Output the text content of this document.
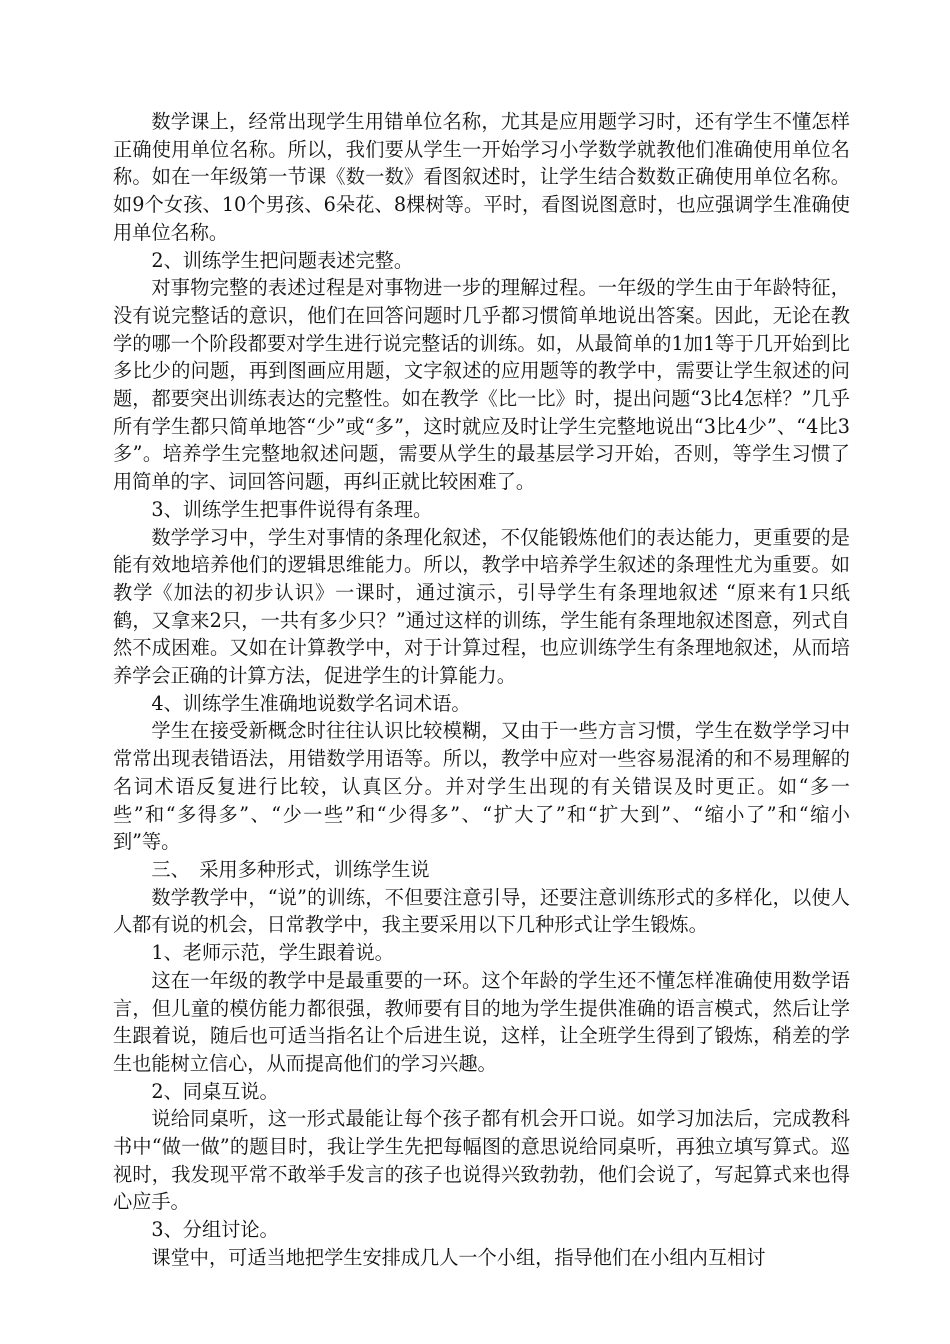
数学课上，经常出现学生用错单位名称，尤其是应用题学习时，还有学生不懂怎样正确使用单位名称。所以，我们要从学生一开始学习小学数学就教他们准确使用单位名称。如在一年级第一节课《数一数》看图叙述时，让学生结合数数正确使用单位名称。如9个女孩、10个男孩、6朵花、8棵树等。平时，看图说图意时，也应强调学生准确使用单位名称。

2、训练学生把问题表述完整。

对事物完整的表述过程是对事物进一步的理解过程。一年级的学生由于年龄特征，没有说完整话的意识，他们在回答问题时几乎都习惯简单地说出答案。因此，无论在教学的哪一个阶段都要对学生进行说完整话的训练。如，从最简单的1加1等于几开始到比多比少的问题，再到图画应用题，文字叙述的应用题等的教学中，需要让学生叙述的问题，都要突出训练表达的完整性。如在教学《比一比》时，提出问题“3比4怎样？”几乎所有学生都只简单地答“少”或“多”，这时就应及时让学生完整地说出“3比4少”、“4比3多”。培养学生完整地叙述问题，需要从学生的最基层学习开始，否则，等学生习惯了用简单的字、词回答问题，再纠正就比较困难了。

3、训练学生把事件说得有条理。

数学学习中，学生对事情的条理化叙述，不仅能锻炼他们的表达能力，更重要的是能有效地培养他们的逻辑思维能力。所以，教学中培养学生叙述的条理性尤为重要。如教学《加法的初步认识》一课时，通过演示，引导学生有条理地叙述 “原来有1只纸鹤，又拿来2只，一共有多少只？”通过这样的训练，学生能有条理地叙述图意，列式自然不成困难。又如在计算教学中，对于计算过程，也应训练学生有条理地叙述，从而培养学会正确的计算方法，促进学生的计算能力。

4、训练学生准确地说数学名词术语。

学生在接受新概念时往往认识比较模糊，又由于一些方言习惯，学生在数学学习中常常出现表错语法，用错数学用语等。所以，教学中应对一些容易混淆的和不易理解的名词术语反复进行比较，认真区分。并对学生出现的有关错误及时更正。如“多一些”和“多得多”、“少一些”和“少得多”、“扩大了”和“扩大到”、“缩小了”和“缩小到”等。

三、　采用多种形式，训练学生说

数学教学中，“说”的训练，不但要注意引导，还要注意训练形式的多样化，以使人人都有说的机会，日常教学中，我主要采用以下几种形式让学生锻炼。

1、老师示范，学生跟着说。

这在一年级的教学中是最重要的一环。这个年龄的学生还不懂怎样准确使用数学语言，但儿童的模仿能力都很强，教师要有目的地为学生提供准确的语言模式，然后让学生跟着说，随后也可适当指名让个后进生说，这样，让全班学生得到了锻炼，稍差的学生也能树立信心，从而提高他们的学习兴趣。

2、同桌互说。

说给同桌听，这一形式最能让每个孩子都有机会开口说。如学习加法后，完成教科书中“做一做”的题目时，我让学生先把每幅图的意思说给同桌听，再独立填写算式。巡视时，我发现平常不敢举手发言的孩子也说得兴致勃勃，他们会说了，写起算式来也得心应手。

3、分组讨论。

课堂中，可适当地把学生安排成几人一个小组，指导他们在小组内互相讨
